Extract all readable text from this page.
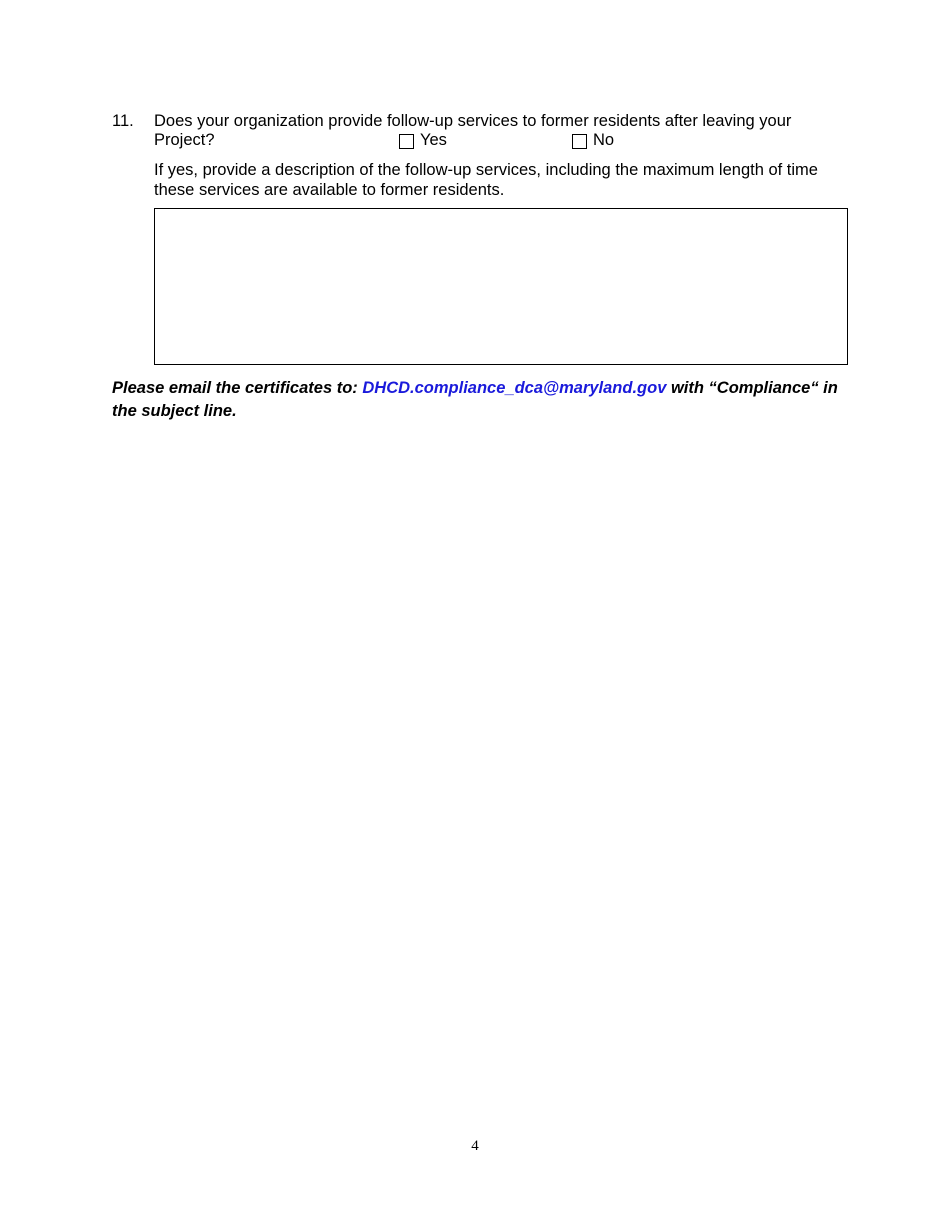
11. Does your organization provide follow-up services to former residents after leaving your
Project?	Yes	No
If yes, provide a description of the follow-up services, including the maximum length of time these services are available to former residents.
Please email the certificates to: DHCD.compliance_dca@maryland.gov with “Compliance“ in the subject line.
4
